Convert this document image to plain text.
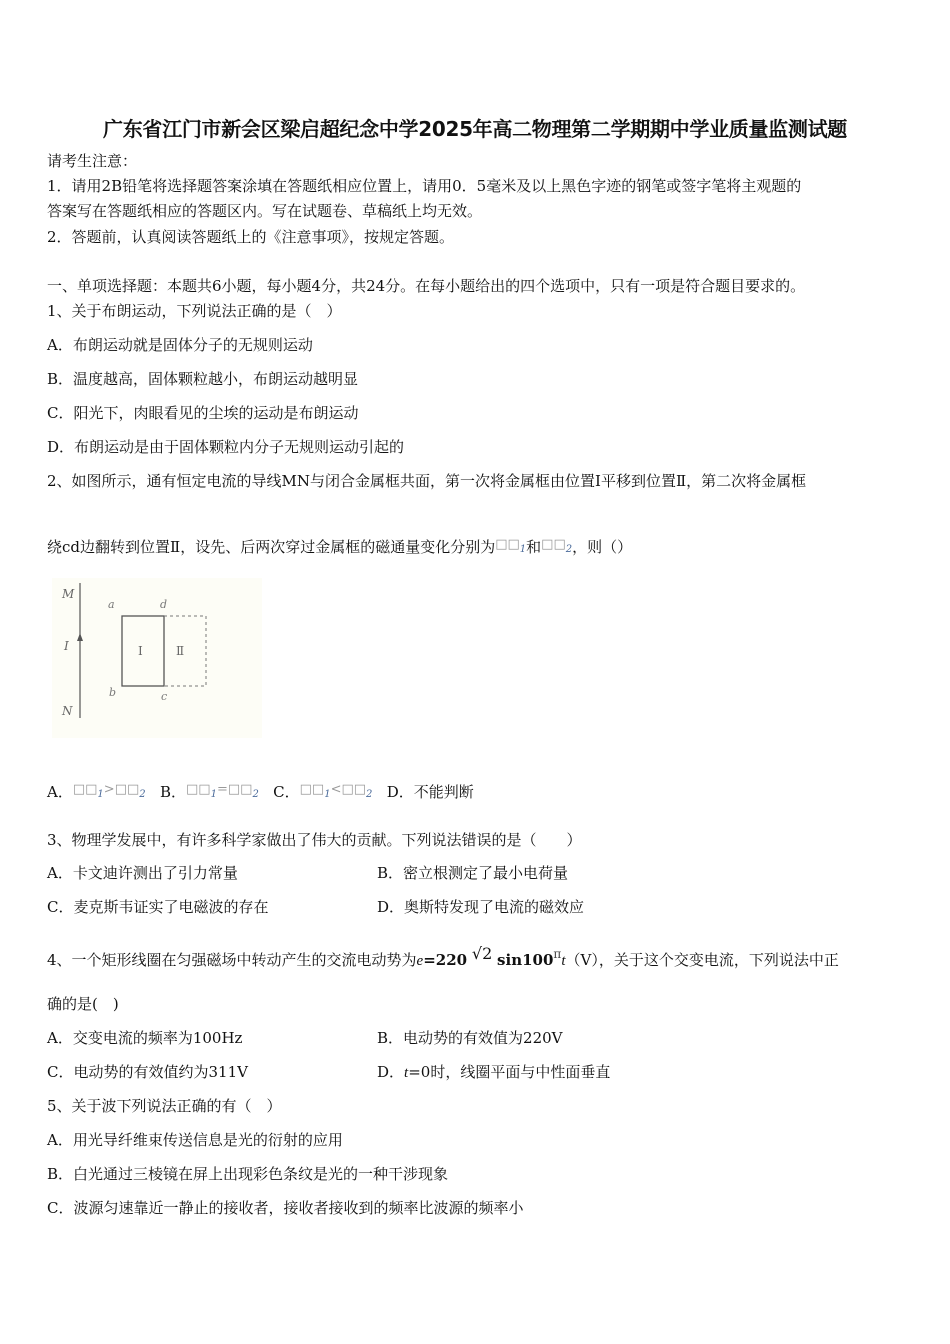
广东省江门市新会区梁启超纪念中学2025年高二物理第二学期期中学业质量监测试题
请考生注意：
1．请用2B铅笔将选择题答案涂填在答题纸相应位置上，请用0．5毫米及以上黑色字迹的钢笔或签字笔将主观题的
答案写在答题纸相应的答题区内。写在试题卷、草稿纸上均无效。
2．答题前，认真阅读答题纸上的《注意事项》，按规定答题。
一、单项选择题：本题共6小题，每小题4分，共24分。在每小题给出的四个选项中，只有一项是符合题目要求的。
1、关于布朗运动，下列说法正确的是（　）
A．布朗运动就是固体分子的无规则运动
B．温度越高，固体颗粒越小，布朗运动越明显
C．阳光下，肉眼看见的尘埃的运动是布朗运动
D．布朗运动是由于固体颗粒内分子无规则运动引起的
2、如图所示，通有恒定电流的导线MN与闭合金属框共面，第一次将金属框由位置Ⅰ平移到位置Ⅱ，第二次将金属框
绕cd边翻转到位置Ⅱ，设先、后两次穿过金属框的磁通量变化分别为□□1和□□2，则（）
M
N
I
a	d
b	c
Ⅰ	Ⅱ
A．□□1>□□2 B．□□1=□□2 C．□□1<□□2 D．不能判断
3、物理学发展中，有许多科学家做出了伟大的贡献。下列说法错误的是（　　）
A．卡文迪许测出了引力常量	B．密立根测定了最小电荷量
C．麦克斯韦证实了电磁波的存在	D．奥斯特发现了电流的磁效应
4、一个矩形线圈在匀强磁场中转动产生的交流电动势为e=220 √2 $\sin 100^\pi t(V)$，关于这个交变电流，下列说法中正
确的是(　)
A．交变电流的频率为100Hz	B．电动势的有效值为220V
C．电动势的有效值约为311V	D．t=0时，线圈平面与中性面垂直
5、关于波下列说法正确的有（　）
A．用光导纤维束传送信息是光的衍射的应用
B．白光通过三棱镜在屏上出现彩色条纹是光的一种干涉现象
C．波源匀速靠近一静止的接收者，接收者接收到的频率比波源的频率小
